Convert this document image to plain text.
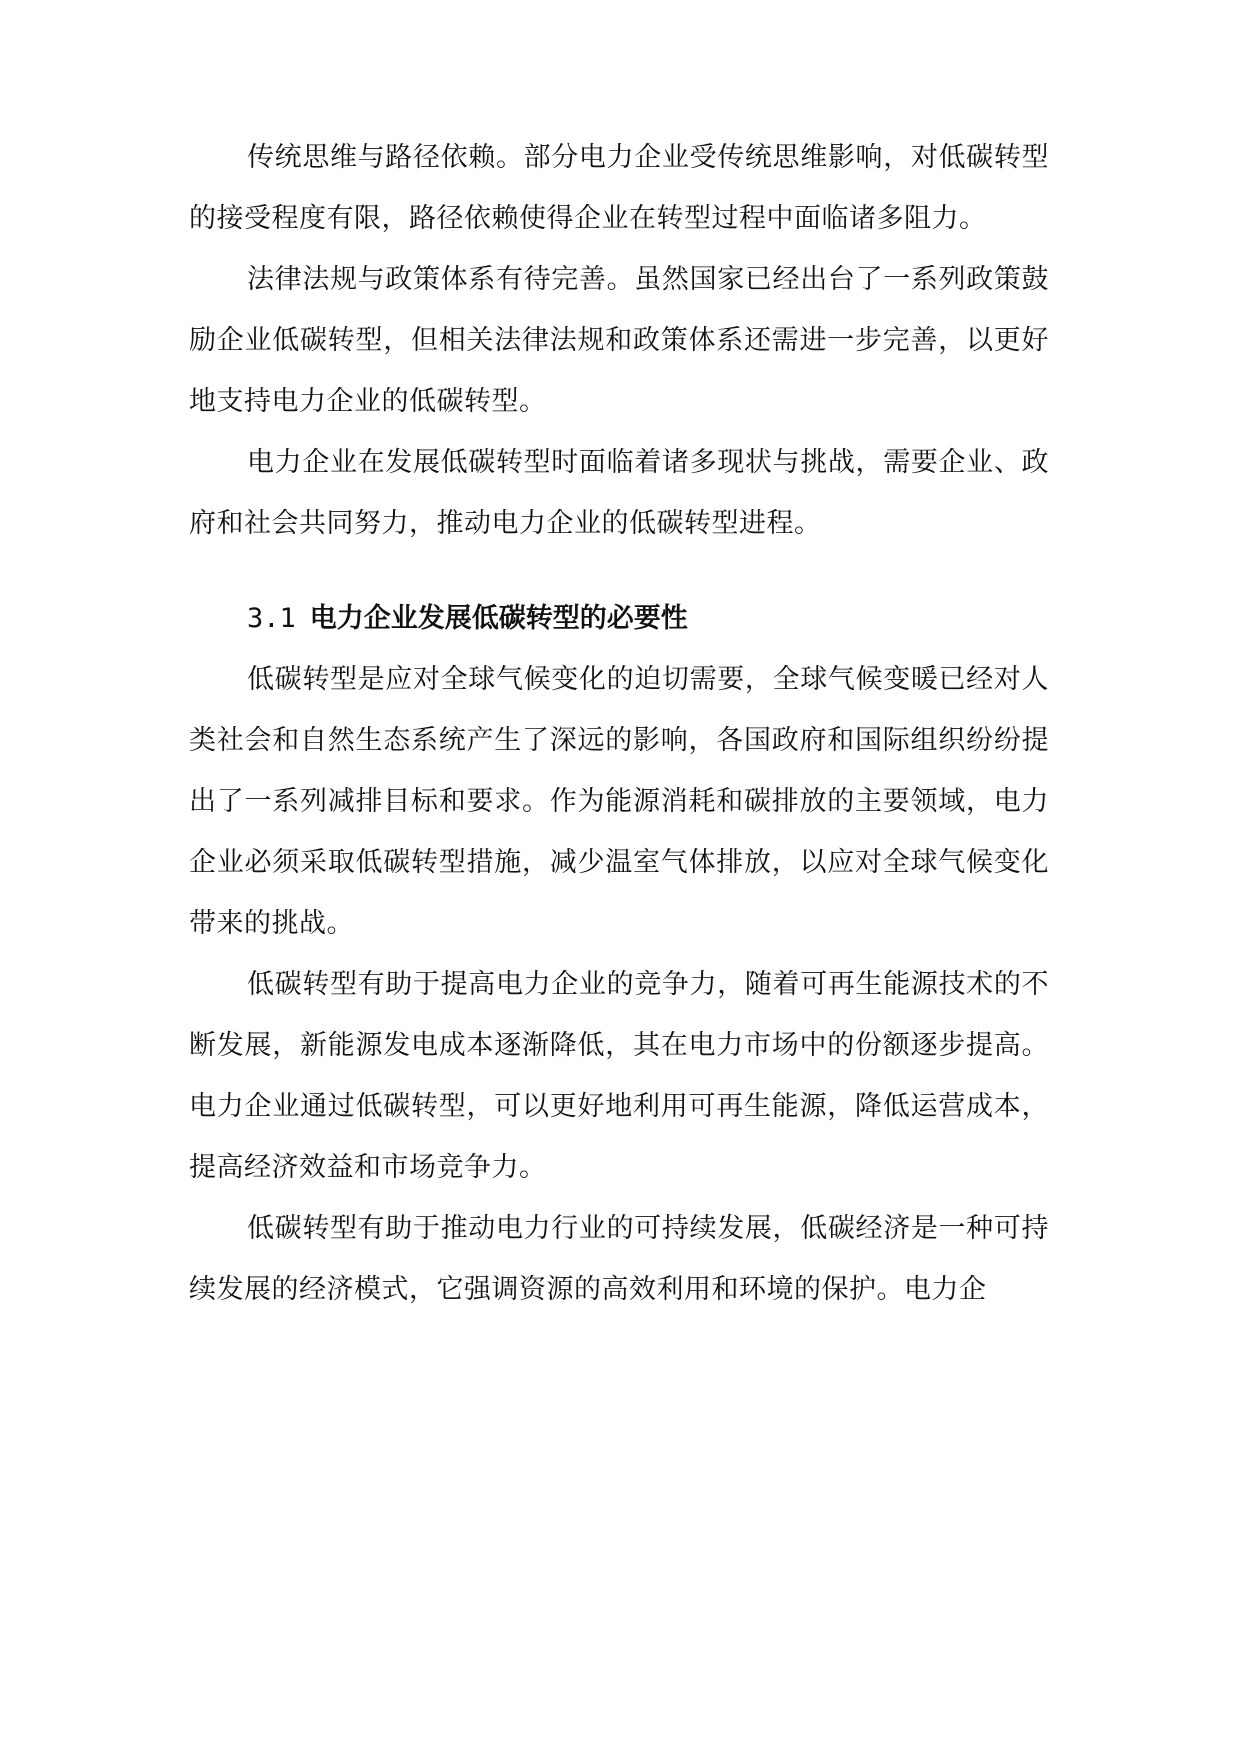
传统思维与路径依赖。部分电力企业受传统思维影响，对低碳转型的接受程度有限，路径依赖使得企业在转型过程中面临诸多阻力。

法律法规与政策体系有待完善。虽然国家已经出台了一系列政策鼓励企业低碳转型，但相关法律法规和政策体系还需进一步完善，以更好地支持电力企业的低碳转型。

电力企业在发展低碳转型时面临着诸多现状与挑战，需要企业、政府和社会共同努力，推动电力企业的低碳转型进程。

3.1 电力企业发展低碳转型的必要性

低碳转型是应对全球气候变化的迫切需要，全球气候变暖已经对人类社会和自然生态系统产生了深远的影响，各国政府和国际组织纷纷提出了一系列减排目标和要求。作为能源消耗和碳排放的主要领域，电力企业必须采取低碳转型措施，减少温室气体排放，以应对全球气候变化带来的挑战。

低碳转型有助于提高电力企业的竞争力，随着可再生能源技术的不断发展，新能源发电成本逐渐降低，其在电力市场中的份额逐步提高。电力企业通过低碳转型，可以更好地利用可再生能源，降低运营成本，提高经济效益和市场竞争力。

低碳转型有助于推动电力行业的可持续发展，低碳经济是一种可持续发展的经济模式，它强调资源的高效利用和环境的保护。电力企
